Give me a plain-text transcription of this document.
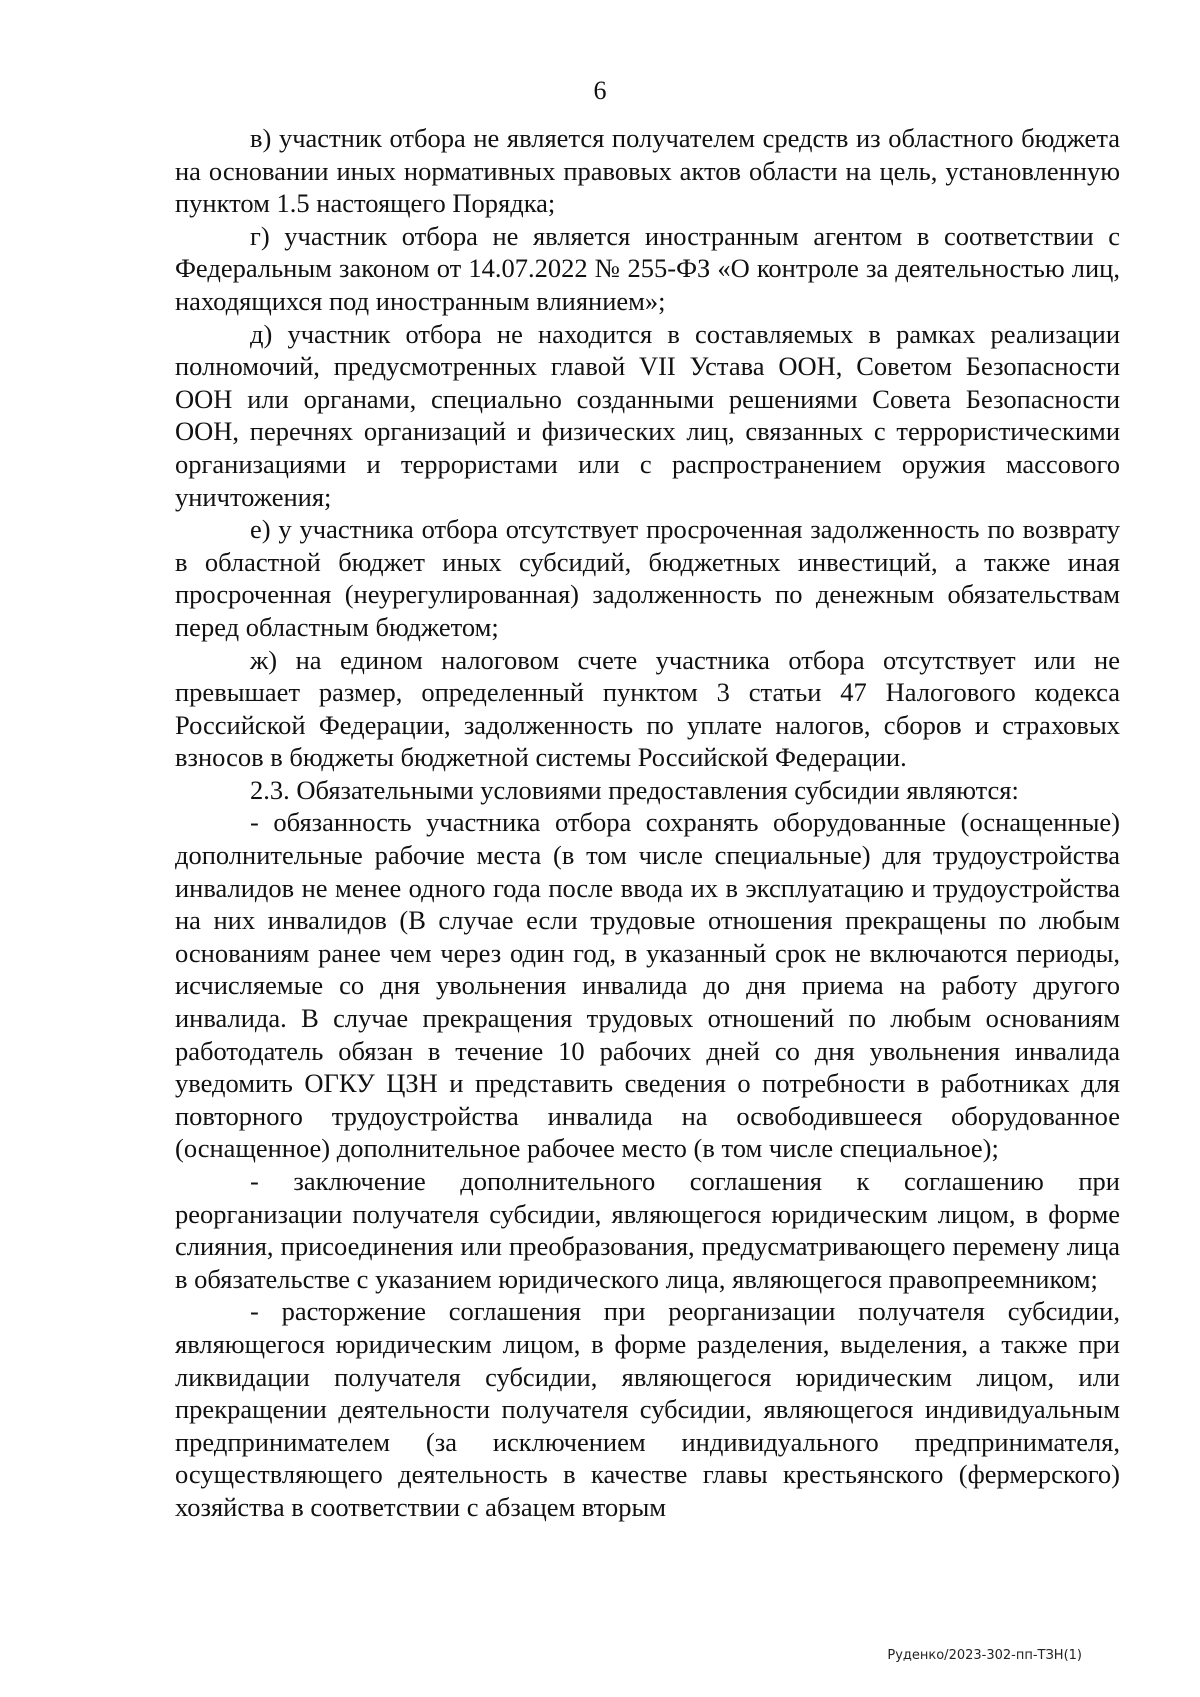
6

в) участник отбора не является получателем средств из областного бюджета на основании иных нормативных правовых актов области на цель, установленную пунктом 1.5 настоящего Порядка;

г) участник отбора не является иностранным агентом в соответствии с Федеральным законом от 14.07.2022 № 255-ФЗ «О контроле за деятельностью лиц, находящихся под иностранным влиянием»;

д) участник отбора не находится в составляемых в рамках реализации полномочий, предусмотренных главой VII Устава ООН, Советом Безопасности ООН или органами, специально созданными решениями Совета Безопасности ООН, перечнях организаций и физических лиц, связанных с террористическими организациями и террористами или с распространением оружия массового уничтожения;

е) у участника отбора отсутствует просроченная задолженность по возврату в областной бюджет иных субсидий, бюджетных инвестиций, а также иная просроченная (неурегулированная) задолженность по денежным обязательствам перед областным бюджетом;

ж) на едином налоговом счете участника отбора отсутствует или не превышает размер, определенный пунктом 3 статьи 47 Налогового кодекса Российской Федерации, задолженность по уплате налогов, сборов и страховых взносов в бюджеты бюджетной системы Российской Федерации.

2.3. Обязательными условиями предоставления субсидии являются:

- обязанность участника отбора сохранять оборудованные (оснащенные) дополнительные рабочие места (в том числе специальные) для трудоустройства инвалидов не менее одного года после ввода их в эксплуатацию и трудоустройства на них инвалидов (В случае если трудовые отношения прекращены по любым основаниям ранее чем через один год, в указанный срок не включаются периоды, исчисляемые со дня увольнения инвалида до дня приема на работу другого инвалида. В случае прекращения трудовых отношений по любым основаниям работодатель обязан в течение 10 рабочих дней со дня увольнения инвалида уведомить ОГКУ ЦЗН и представить сведения о потребности в работниках для повторного трудоустройства инвалида на освободившееся оборудованное (оснащенное) дополнительное рабочее место (в том числе специальное);

- заключение дополнительного соглашения к соглашению при реорганизации получателя субсидии, являющегося юридическим лицом, в форме слияния, присоединения или преобразования, предусматривающего перемену лица в обязательстве с указанием юридического лица, являющегося правопреемником;

- расторжение соглашения при реорганизации получателя субсидии, являющегося юридическим лицом, в форме разделения, выделения, а также при ликвидации получателя субсидии, являющегося юридическим лицом, или прекращении деятельности получателя субсидии, являющегося индивидуальным предпринимателем (за исключением индивидуального предпринимателя, осуществляющего деятельность в качестве главы крестьянского (фермерского) хозяйства в соответствии с абзацем вторым

Руденко/2023-302-пп-ТЗН(1)
